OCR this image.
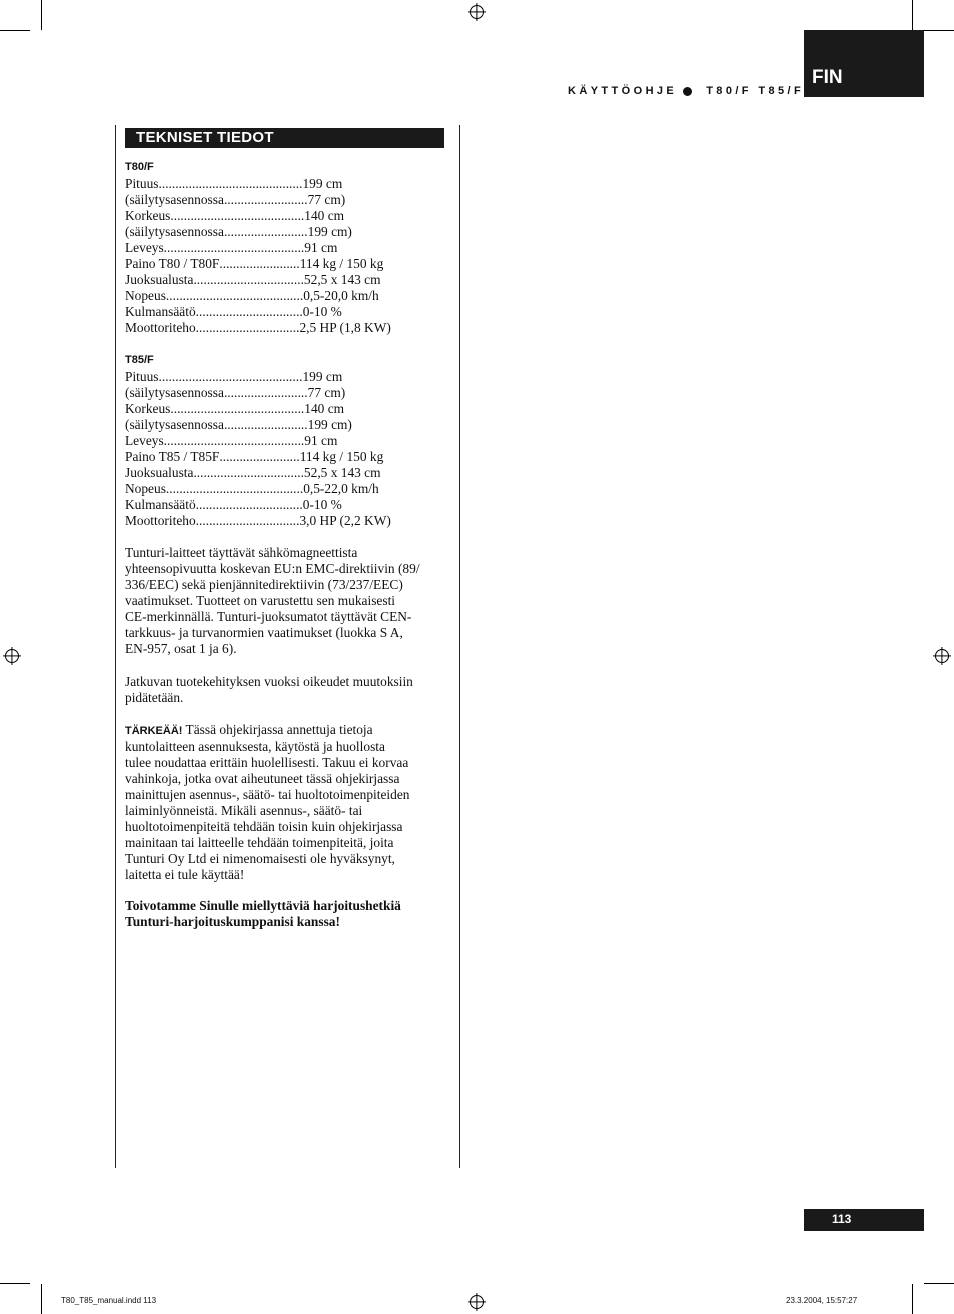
FIN
KÄYTTÖOHJE	T80/F T85/F
TEKNISET TIEDOT
T80/F
Pituus ........................................... 199 cm
(säilytysasennossa ......................... 77 cm)
Korkeus ........................................ 140 cm
(säilytysasennossa ......................... 199 cm)
Leveys .......................................... 91 cm
Paino T80 / T80F ........................ 114 kg / 150 kg
Juoksualusta ................................. 52,5 x 143 cm
Nopeus ......................................... 0,5-20,0 km/h
Kulmansäätö ................................ 0-10 %
Moottoriteho ............................... 2,5 HP (1,8 KW)
T85/F
Pituus ........................................... 199 cm
(säilytysasennossa ......................... 77 cm)
Korkeus ........................................ 140 cm
(säilytysasennossa ......................... 199 cm)
Leveys .......................................... 91 cm
Paino T85 / T85F ........................ 114 kg / 150 kg
Juoksualusta ................................. 52,5 x 143 cm
Nopeus ......................................... 0,5-22,0 km/h
Kulmansäätö ................................ 0-10 %
Moottoriteho ............................... 3,0 HP (2,2 KW)
Tunturi-laitteet täyttävät sähkömagneettista
yhteensopivuutta koskevan EU:n EMC-direktiivin (89/
336/EEC) sekä pienjännitedirektiivin (73/237/EEC)
vaatimukset. Tuotteet on varustettu sen mukaisesti
CE-merkinnällä. Tunturi-juoksumatot täyttävät CEN-
tarkkuus- ja turvanormien vaatimukset (luokka S A,
EN-957, osat 1 ja 6).
Jatkuvan tuotekehityksen vuoksi oikeudet muutoksiin
pidätetään.

TÄRKEÄÄ! Tässä ohjekirjassa annettuja tietoja

kuntolaitteen asennuksesta, käytöstä ja huollosta
tulee noudattaa erittäin huolellisesti. Takuu ei korvaa
vahinkoja, jotka ovat aiheutuneet tässä ohjekirjassa
mainittujen asennus-, säätö- tai huoltotoimenpiteiden
laiminlyönneistä. Mikäli asennus-, säätö- tai
huoltotoimenpiteitä tehdään toisin kuin ohjekirjassa
mainitaan tai laitteelle tehdään toimenpiteitä, joita
Tunturi Oy Ltd ei nimenomaisesti ole hyväksynyt,
laitetta ei tule käyttää!
Toivotamme Sinulle miellyttäviä harjoitushetkiä
Tunturi-harjoituskumppanisi kanssa!
113
T80_T85_manual.indd 113	23.3.2004, 15:57:27
